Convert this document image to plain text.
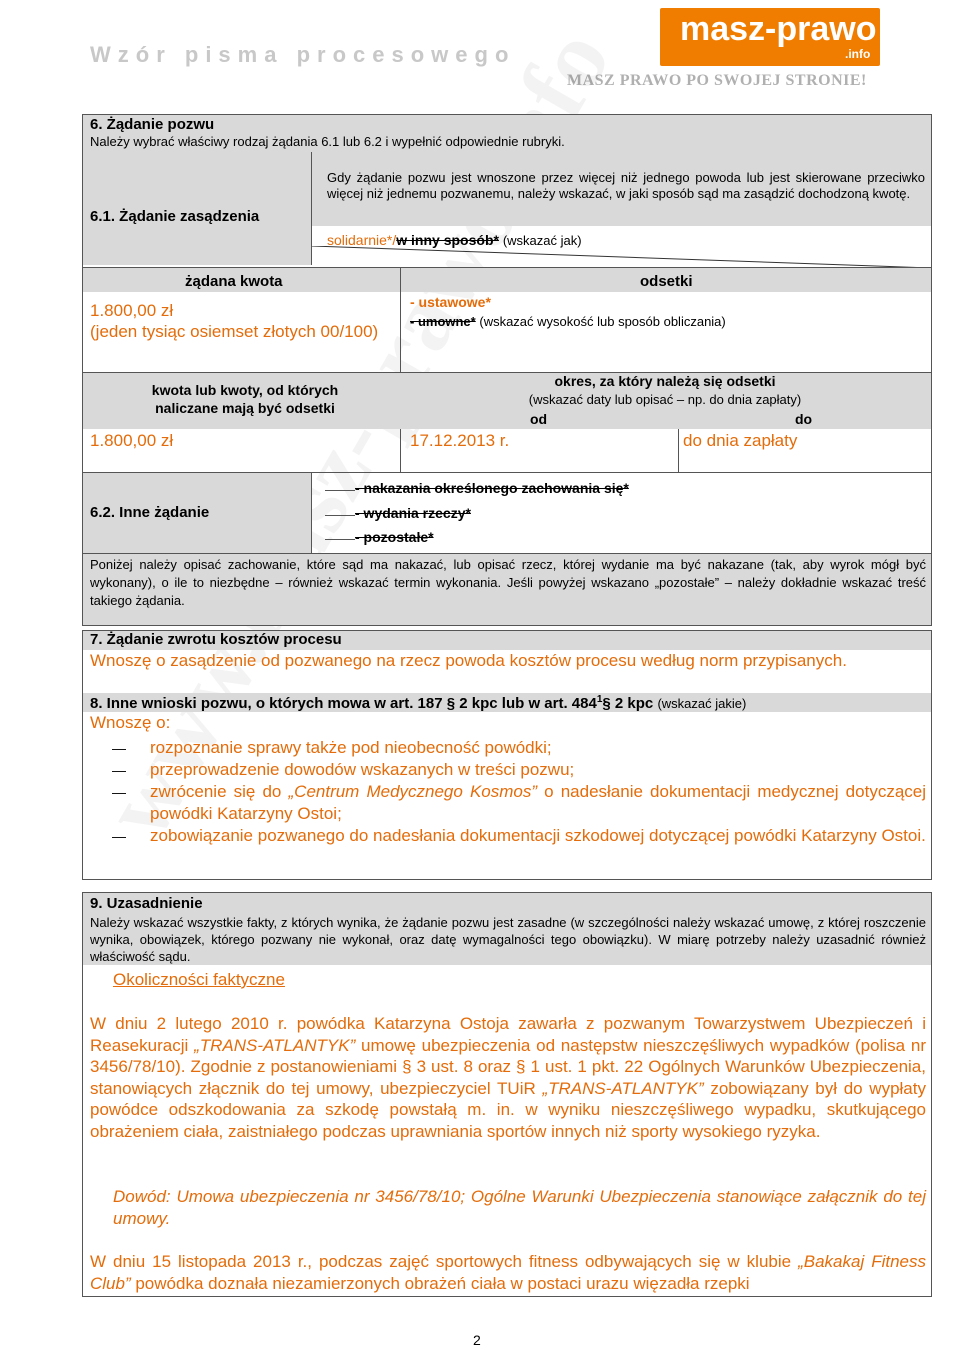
Wzór pisma procesowego
masz-prawo
.info
MASZ PRAWO PO SWOJEJ STRONIE!
6. Żądanie pozwu
Należy wybrać właściwy rodzaj żądania 6.1 lub 6.2 i wypełnić odpowiednie rubryki.
6.1. Żądanie zasądzenia
Gdy żądanie pozwu jest wnoszone przez więcej niż jednego powoda lub jest skierowane przeciwko więcej niż jednemu pozwanemu, należy wskazać, w jaki sposób sąd ma zasądzić dochodzoną kwotę.
solidarnie*/w inny sposób* (wskazać jak)
żądana kwota	odsetki
1.800,00 zł
(jeden tysiąc osiemset złotych 00/100)
- ustawowe*
- umowne* (wskazać wysokość lub sposób obliczania)
kwota lub kwoty, od których naliczane mają być odsetki
okres, za który należą się odsetki
(wskazać daty lub opisać – np. do dnia zapłaty)
od	do
1.800,00 zł	17.12.2013 r.	do dnia zapłaty
6.2. Inne żądanie
- nakazania określonego zachowania się*
- wydania rzeczy*
- pozostałe*
Poniżej należy opisać zachowanie, które sąd ma nakazać, lub opisać rzecz, której wydanie ma być nakazane (tak, aby wyrok mógł być wykonany), o ile to niezbędne – również wskazać termin wykonania. Jeśli powyżej wskazano „pozostałe” – należy dokładnie wskazać treść takiego żądania.
7. Żądanie zwrotu kosztów procesu
Wnoszę o zasądzenie od pozwanego na rzecz powoda kosztów procesu według norm przypisanych.
8. Inne wnioski pozwu, o których mowa w art. 187 § 2 kpc lub w art. $484^1\S$ 2 kpc (wskazać jakie)
Wnoszę o:
— rozpoznanie sprawy także pod nieobecność powódki;
— przeprowadzenie dowodów wskazanych w treści pozwu;
— zwrócenie się do „Centrum Medycznego Kosmos” o nadesłanie dokumentacji medycznej dotyczącej powódki Katarzyny Ostoi;
— zobowiązanie pozwanego do nadesłania dokumentacji szkodowej dotyczącej powódki Katarzyny Ostoi.
9. Uzasadnienie
Należy wskazać wszystkie fakty, z których wynika, że żądanie pozwu jest zasadne (w szczególności należy wskazać umowę, z której roszczenie wynika, obowiązek, którego pozwany nie wykonał, oraz datę wymagalności tego obowiązku). W miarę potrzeby należy uzasadnić również właściwość sądu.
Okoliczności faktyczne
W dniu 2 lutego 2010 r. powódka Katarzyna Ostoja zawarła z pozwanym Towarzystwem Ubezpieczeń i Reasekuracji „TRANS-ATLANTYK” umowę ubezpieczenia od następstw nieszczęśliwych wypadków (polisa nr 3456/78/10). Zgodnie z postanowieniami § 3 ust. 8 oraz § 1 ust. 1 pkt. 22 Ogólnych Warunków Ubezpieczenia, stanowiących złącznik do tej umowy, ubezpieczyciel TUiR „TRANS-ATLANTYK” zobowiązany był do wypłaty powódce odszkodowania za szkodę powstałą m. in. w wyniku nieszczęśliwego wypadku, skutkującego obrażeniem ciała, zaistniałego podczas uprawniania sportów innych niż sporty wysokiego ryzyka.
Dowód: Umowa ubezpieczenia nr 3456/78/10; Ogólne Warunki Ubezpieczenia stanowiące załącznik do tej umowy.
W dniu 15 listopada 2013 r., podczas zajęć sportowych fitness odbywających się w klubie „Bakakaj Fitness Club” powódka doznała niezamierzonych obrażeń ciała w postaci urazu więzadła rzepki
2
